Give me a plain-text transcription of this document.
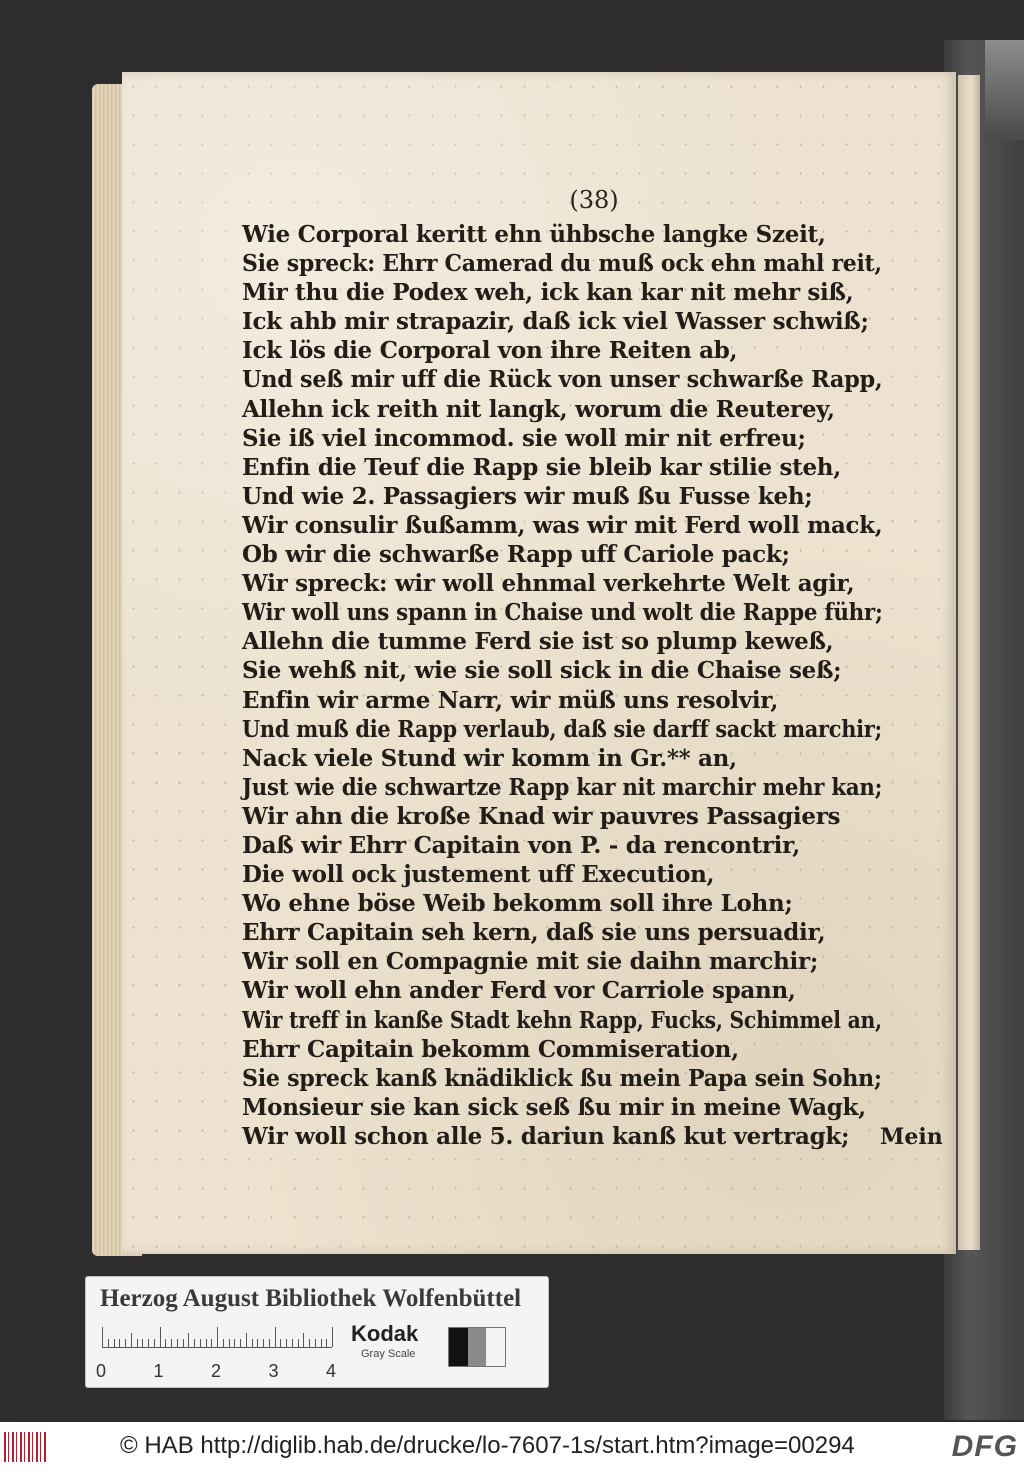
(38)
Wie Corporal keritt ehn ühbsche langke Szeit,
Sie spreck: Ehrr Camerad du muß ock ehn mahl reit,
Mir thu die Podex weh, ick kan kar nit mehr siß,
Ick ahb mir strapazir, daß ick viel Wasser schwiß;
Ick lös die Corporal von ihre Reiten ab,
Und seß mir uff die Rück von unser schwarße Rapp,
Allehn ick reith nit langk, worum die Reuterey,
Sie iß viel incommod. sie woll mir nit erfreu;
Enfin die Teuf die Rapp sie bleib kar stilie steh,
Und wie 2. Passagiers wir muß ßu Fusse keh;
Wir consulir ßußamm, was wir mit Ferd woll mack,
Ob wir die schwarße Rapp uff Cariole pack;
Wir spreck: wir woll ehnmal verkehrte Welt agir,
Wir woll uns spann in Chaise und wolt die Rappe führ;
Allehn die tumme Ferd sie ist so plump keweß,
Sie wehß nit, wie sie soll sick in die Chaise seß;
Enfin wir arme Narr, wir müß uns resolvir,
Und muß die Rapp verlaub, daß sie darff sackt marchir;
Nack viele Stund wir komm in Gr.** an,
Just wie die schwartze Rapp kar nit marchir mehr kan;
Wir ahn die kroße Knad wir pauvres Passagiers
Daß wir Ehrr Capitain von P. - da rencontrir,
Die woll ock justement uff Execution,
Wo ehne böse Weib bekomm soll ihre Lohn;
Ehrr Capitain seh kern, daß sie uns persuadir,
Wir soll en Compagnie mit sie daihn marchir;
Wir woll ehn ander Ferd vor Carriole spann,
Wir treff in kanße Stadt kehn Rapp, Fucks, Schimmel an,
Ehrr Capitain bekomm Commiseration,
Sie spreck kanß knädiklick ßu mein Papa sein Sohn;
Monsieur sie kan sick seß ßu mir in meine Wagk,
Wir woll schon alle 5. dariun kanß kut vertragk;	Mein
Herzog August Bibliothek Wolfenbüttel
0	1	2	3	4
Kodak
Gray Scale
© HAB http://diglib.hab.de/drucke/lo-7607-1s/start.htm?image=00294	DFG
